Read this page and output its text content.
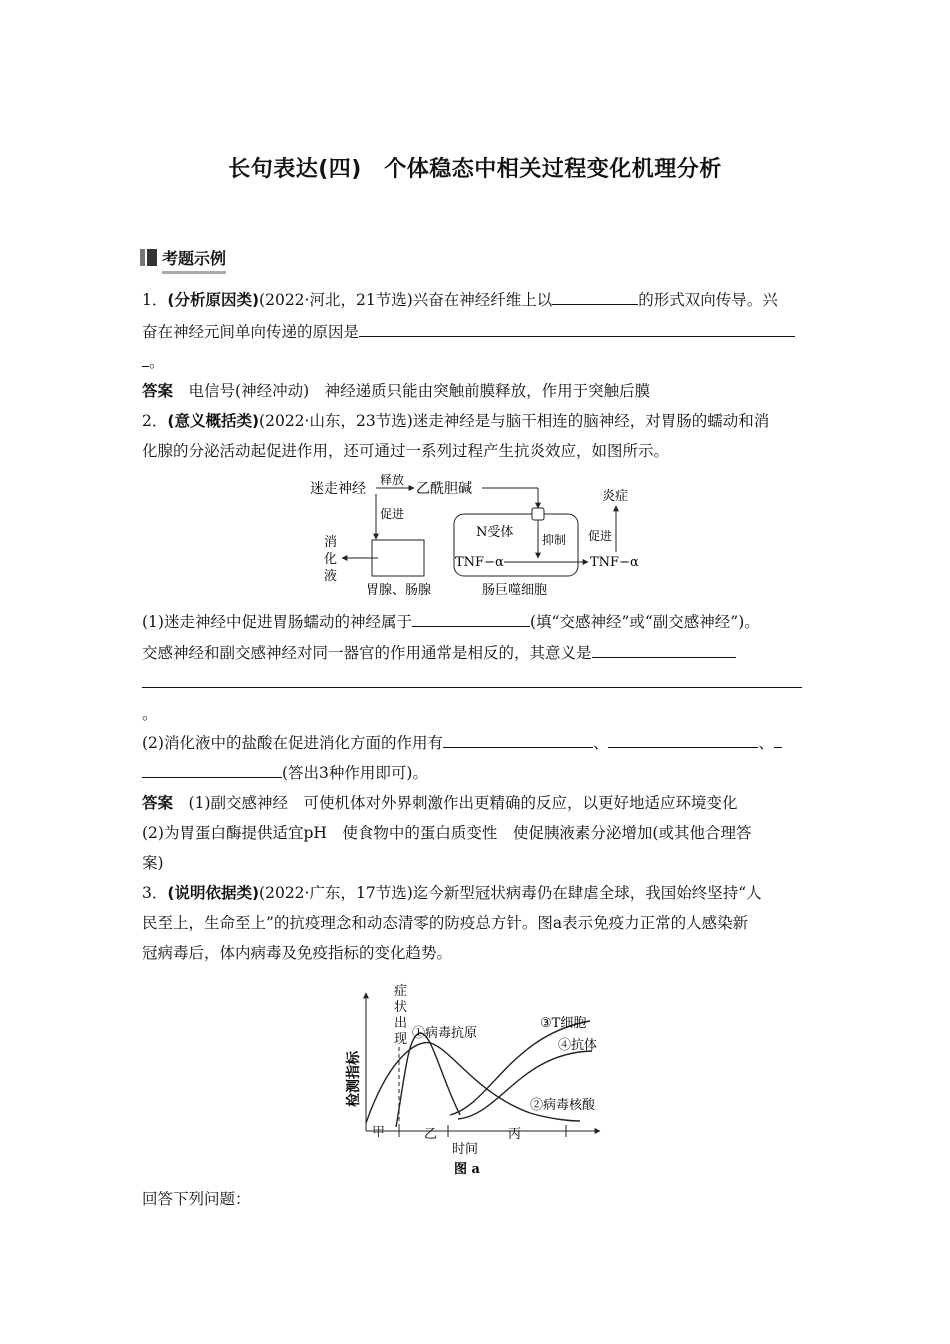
长句表达(四)　个体稳态中相关过程变化机理分析
考题示例
1．(分析原因类)(2022·河北，21节选)兴奋在神经纤维上以	的形式双向传导。兴
奋在神经元间单向传递的原因是
。
答案　 电信号(神经冲动)　神经递质只能由突触前膜释放，作用于突触后膜
2．(意义概括类)(2022·山东，23节选)迷走神经是与脑干相连的脑神经，对胃肠的蠕动和消
化腺的分泌活动起促进作用，还可通过一系列过程产生抗炎效应，如图所示。
迷走神经
释放
乙酰胆碱
促进
消
化
液
胃腺、肠腺
N受体 抑制
TNF−α	TNF−α
促进
炎症
肠巨噬细胞
(1)迷走神经中促进胃肠蠕动的神经属于	(填“交感神经”或“副交感神经”)。
交感神经和副交感神经对同一器官的作用通常是相反的，其意义是
。
(2)消化液中的盐酸在促进消化方面的作用有	、	、
(答出3种作用即可)。
答案　 (1)副交感神经　可使机体对外界刺激作出更精确的反应，以更好地适应环境变化
(2)为胃蛋白酶提供适宜pH　使食物中的蛋白质变性　使促胰液素分泌增加(或其他合理答
案)
3．(说明依据类)(2022·广东，17节选)迄今新型冠状病毒仍在肆虐全球，我国始终坚持“人
民至上，生命至上”的抗疫理念和动态清零的防疫总方针。图a表示免疫力正常的人感染新
冠病毒后，体内病毒及免疫指标的变化趋势。
检测指标
症
状
出
现 ①病毒抗原
③T细胞
④抗体
②病毒核酸
甲	乙	丙
时间
图 a
回答下列问题：
